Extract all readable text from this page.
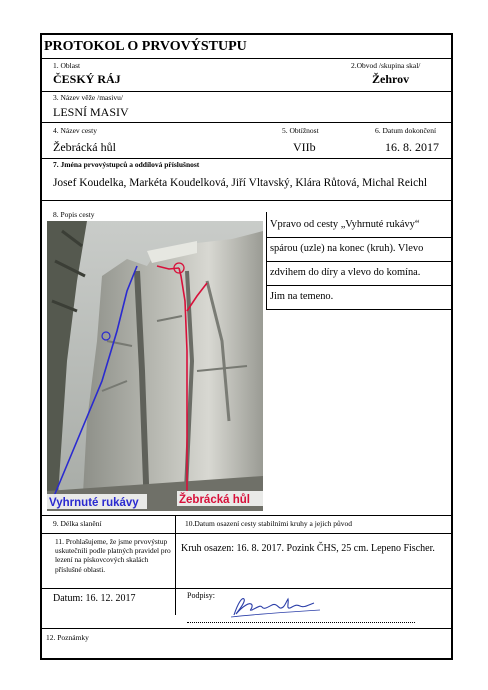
PROTOKOL O PRVOVÝSTUPU
1. Oblast	2.Obvod /skupina skal/
ČESKÝ RÁJ	Žehrov
3. Název věže /masivu/
LESNÍ MASIV
4. Název cesty	5. Obtížnost	6. Datum dokončení
Žebrácká hůl	VIIb	16. 8. 2017
7. Jména prvovýstupců a oddílová příslušnost
Josef Koudelka, Markéta Koudelková, Jiří Vltavský, Klára Růtová, Michal Reichl
8. Popis cesty
Vyhrnuté rukávy	Žebrácká hůl
Vpravo od cesty „Vyhrnuté rukávy“
spárou (uzle) na konec (kruh). Vlevo
zdvihem do díry a vlevo do komína.
Jim na temeno.
9. Délka slanění
--------
10.Datum osazení cesty stabilními kruhy a jejich původ
11. Prohlašujeme, že jsme prvovýstup uskutečnili podle platných pravidel pro lezení na pískovcových skalách příslušné oblasti.
Kruh osazen: 16. 8. 2017. Pozink ČHS, 25 cm. Lepeno Fischer.
Datum: 16. 12. 2017	Podpisy:
12. Poznámky
